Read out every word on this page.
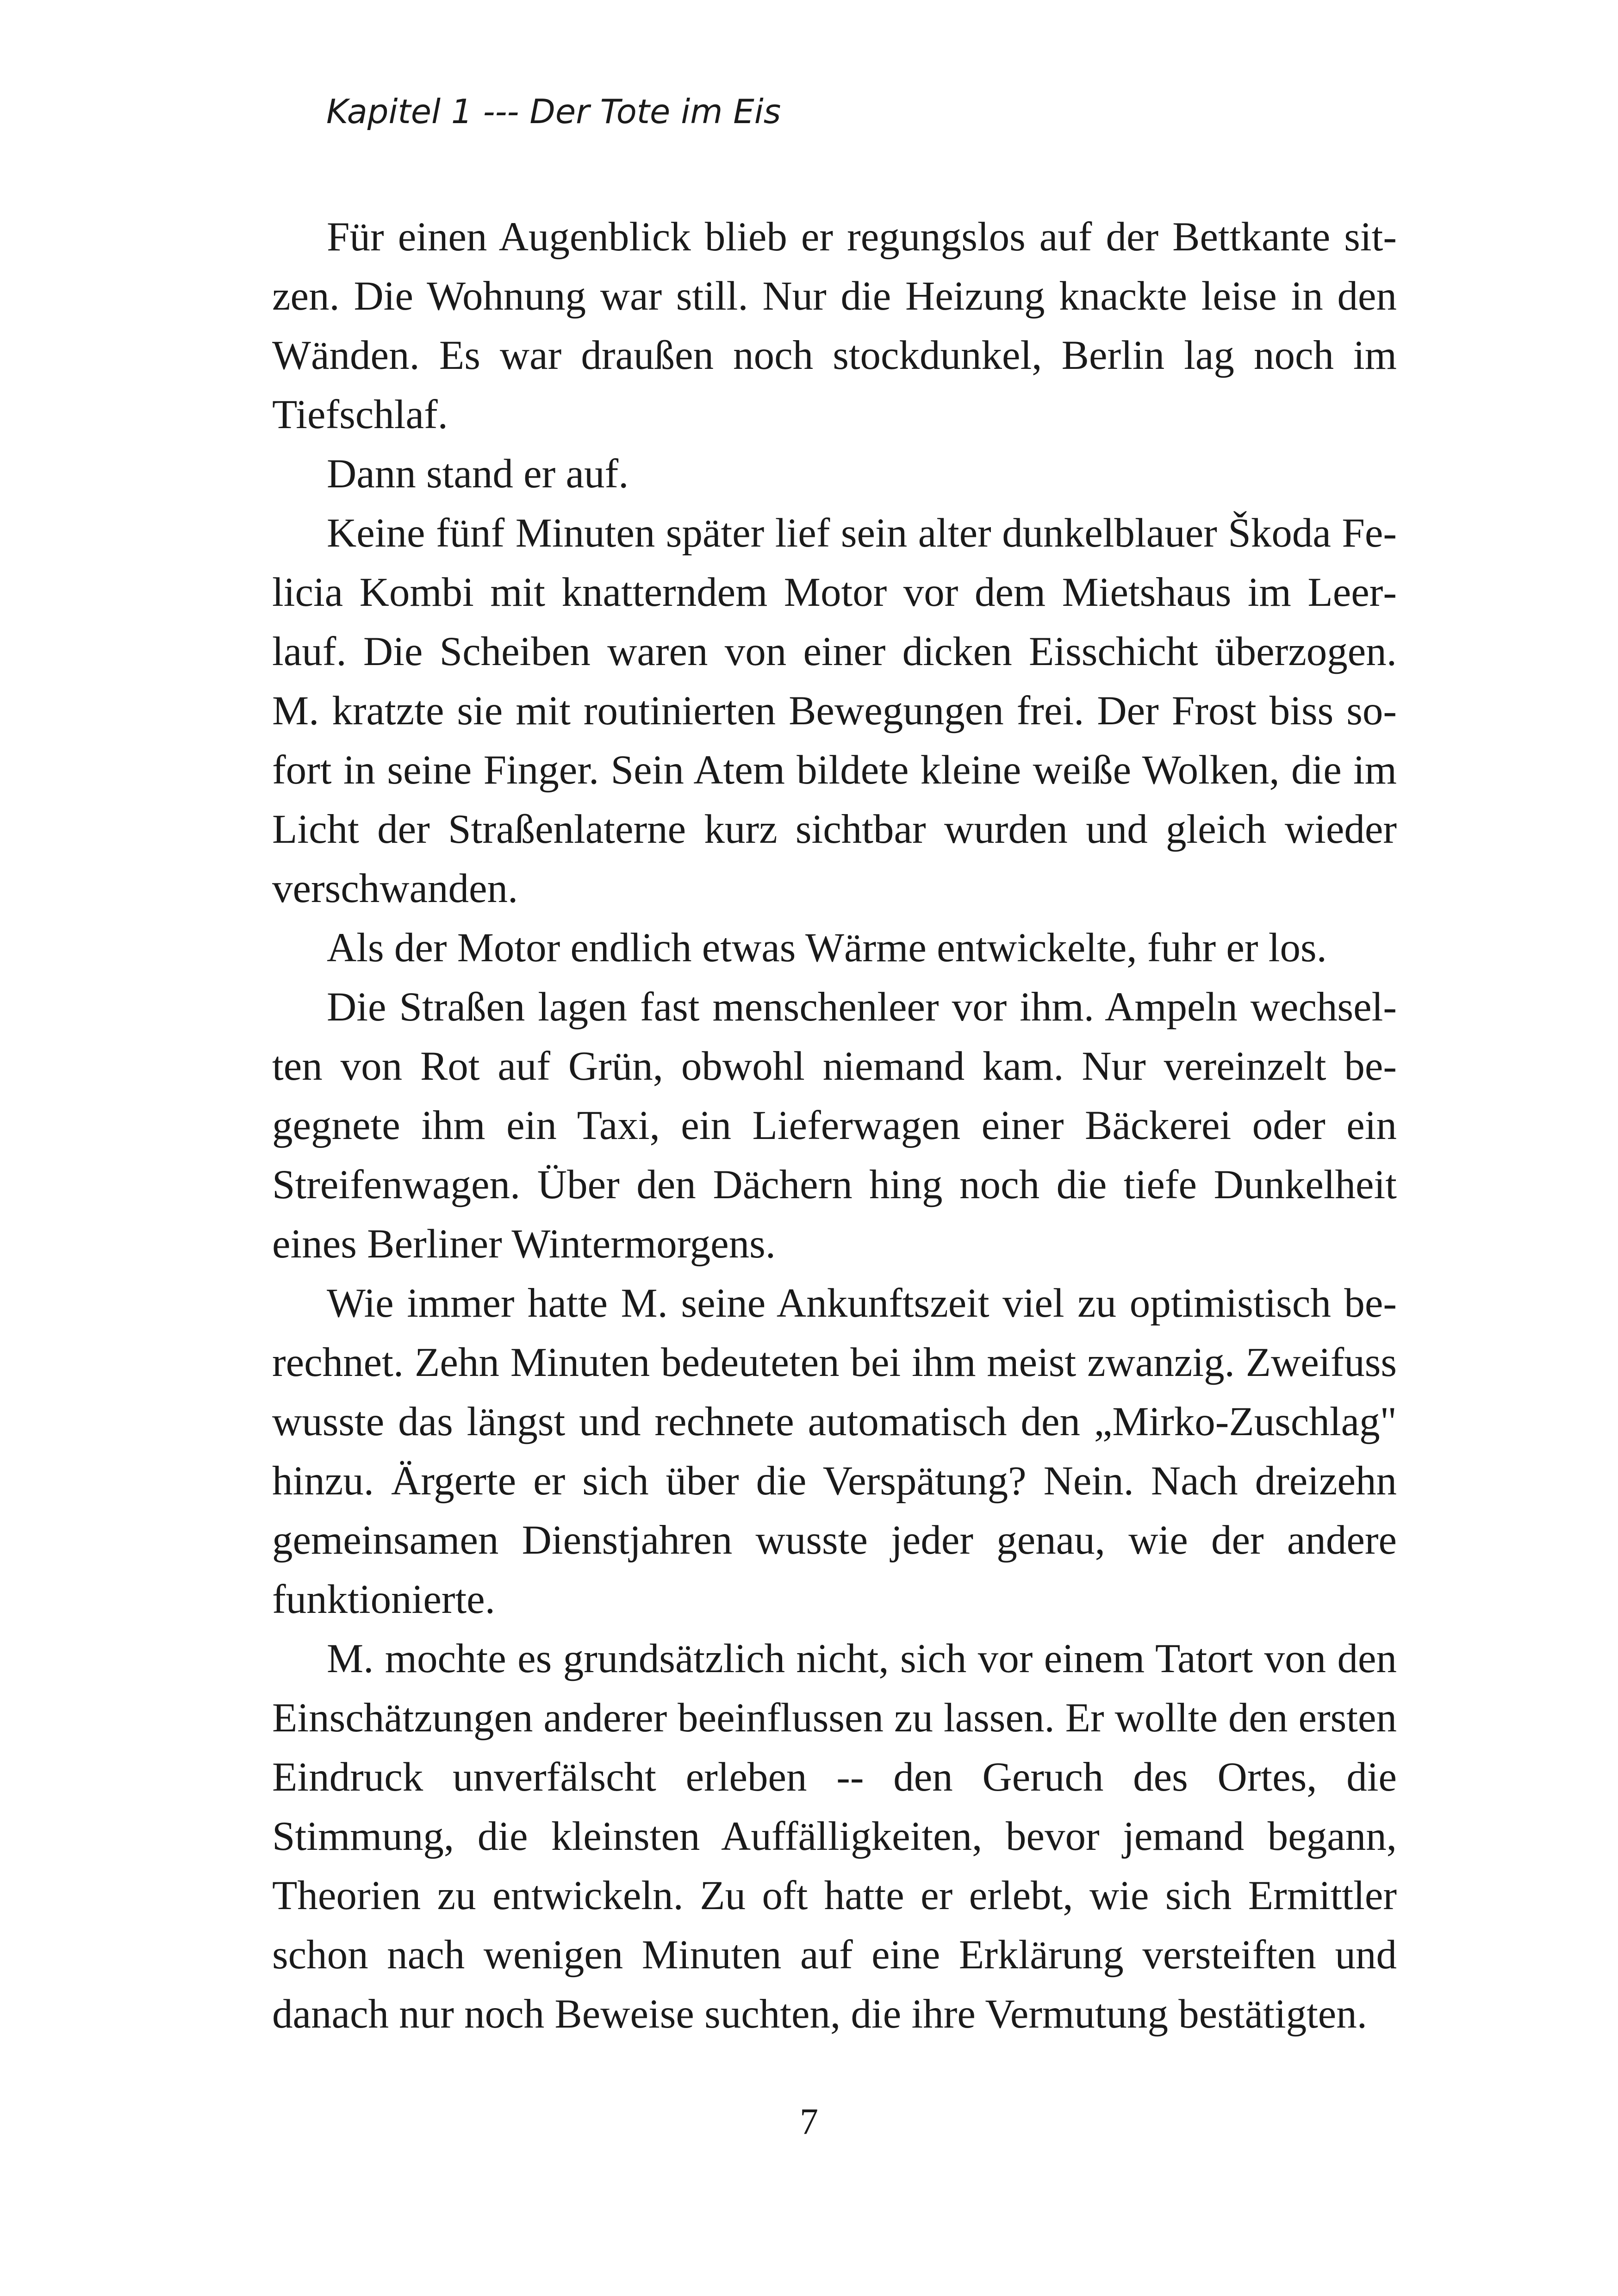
Kapitel 1 --- Der Tote im Eis

Für einen Augenblick blieb er regungslos auf der Bettkante sitzen. Die Wohnung war still. Nur die Heizung knackte leise in den Wänden. Es war draußen noch stockdunkel, Berlin lag noch im Tiefschlaf.

Dann stand er auf.

Keine fünf Minuten später lief sein alter dunkelblauer Škoda Felicia Kombi mit knatterndem Motor vor dem Mietshaus im Leerlauf. Die Scheiben waren von einer dicken Eisschicht überzogen. M. kratzte sie mit routinierten Bewegungen frei. Der Frost biss sofort in seine Finger. Sein Atem bildete kleine weiße Wolken, die im Licht der Straßenlaterne kurz sichtbar wurden und gleich wieder verschwanden.

Als der Motor endlich etwas Wärme entwickelte, fuhr er los.

Die Straßen lagen fast menschenleer vor ihm. Ampeln wechselten von Rot auf Grün, obwohl niemand kam. Nur vereinzelt begegnete ihm ein Taxi, ein Lieferwagen einer Bäckerei oder ein Streifenwagen. Über den Dächern hing noch die tiefe Dunkelheit eines Berliner Wintermorgens.

Wie immer hatte M. seine Ankunftszeit viel zu optimistisch berechnet. Zehn Minuten bedeuteten bei ihm meist zwanzig. Zweifuss wusste das längst und rechnete automatisch den „Mirko-Zuschlag" hinzu. Ärgerte er sich über die Verspätung? Nein. Nach dreizehn gemeinsamen Dienstjahren wusste jeder genau, wie der andere funktionierte.

M. mochte es grundsätzlich nicht, sich vor einem Tatort von den Einschätzungen anderer beeinflussen zu lassen. Er wollte den ersten Eindruck unverfälscht erleben -- den Geruch des Ortes, die Stimmung, die kleinsten Auffälligkeiten, bevor jemand begann, Theorien zu entwickeln. Zu oft hatte er erlebt, wie sich Ermittler schon nach wenigen Minuten auf eine Erklärung versteiften und danach nur noch Beweise suchten, die ihre Vermutung bestätigten.

7
